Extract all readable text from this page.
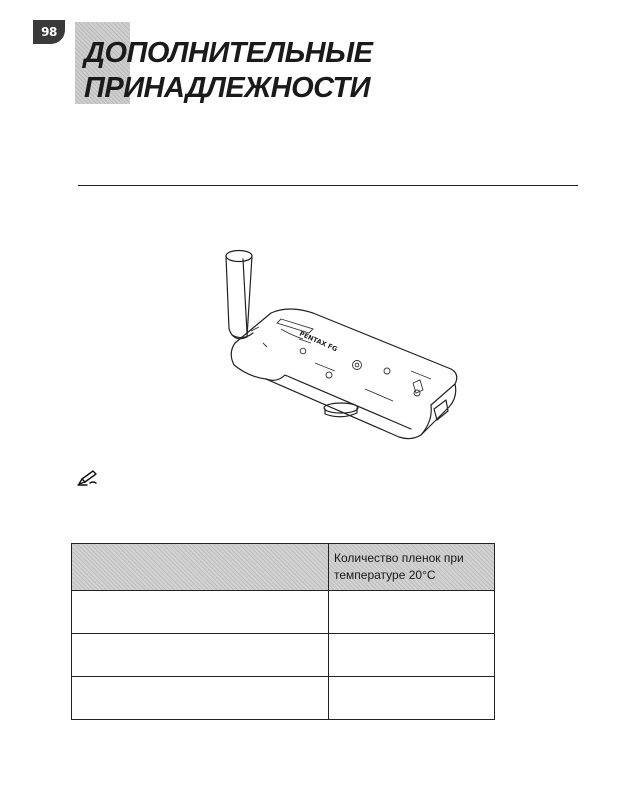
98
ДОПОЛНИТЕЛЬНЫЕ
ПРИНАДЛЕЖНОСТИ
PENTAX FG

	Количество пленок при
температуре 20°С
